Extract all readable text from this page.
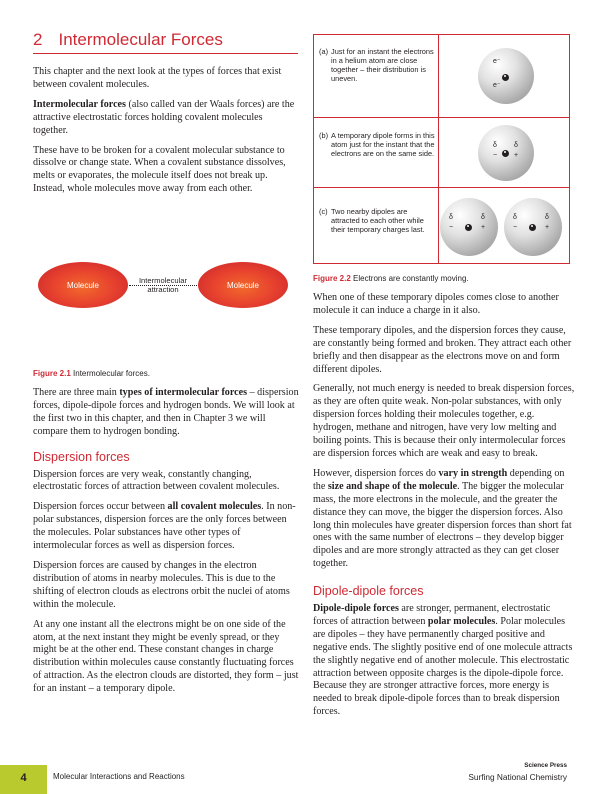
2 Intermolecular Forces

This chapter and the next look at the types of forces that exist between covalent molecules.

Intermolecular forces (also called van der Waals forces) are the attractive electrostatic forces holding covalent molecules together.

These have to be broken for a covalent molecular substance to dissolve or change state. When a covalent substance dissolves, melts or evaporates, the molecule itself does not break up. Instead, whole molecules move away from each other.

Molecule	Intermolecular
attraction	Molecule
Figure 2.1 Intermolecular forces.

There are three main types of intermolecular forces – dispersion forces, dipole-dipole forces and hydrogen bonds. We will look at the first two in this chapter, and then in Chapter 3 we will compare them to hydrogen bonding.

Dispersion forces

Dispersion forces are very weak, constantly changing, electrostatic forces of attraction between covalent molecules.

Dispersion forces occur between all covalent molecules. In non-polar substances, dispersion forces are the only forces between the molecules. Polar substances have other types of intermolecular forces as well as dispersion forces.

Dispersion forces are caused by changes in the electron distribution of atoms in nearby molecules. This is due to the shifting of electron clouds as electrons orbit the nuclei of atoms within the molecule.

At any one instant all the electrons might be on one side of the atom, at the next instant they might be evenly spread, or they might be at the other end. These constant changes in charge distribution within molecules cause constantly fluctuating forces of attraction. As the electron clouds are distorted, they form – just for an instant – a temporary dipole.

(a) Just for an instant the electrons in a helium atom are close together – their distribution is uneven.
e⁻
e⁻
(b) A temporary dipole forms in this atom just for the instant that the electrons are on the same side.
δ
−
δ
+
(c) Two nearby dipoles are attracted to each other while their temporary charges last.
δ
−
δ
+
δ
−
δ
+
Figure 2.2 Electrons are constantly moving.

When one of these temporary dipoles comes close to another molecule it can induce a charge in it also.

These temporary dipoles, and the dispersion forces they cause, are constantly being formed and broken. They attract each other briefly and then disappear as the electrons move on and form different dipoles.

Generally, not much energy is needed to break dispersion forces, as they are often quite weak. Non-polar substances, with only dispersion forces holding their molecules together, e.g. hydrogen, methane and nitrogen, have very low melting and boiling points. This is because their only intermolecular forces are dispersion forces which are weak and easy to break.

However, dispersion forces do vary in strength depending on the size and shape of the molecule. The bigger the molecular mass, the more electrons in the molecule, and the greater the distance they can move, the bigger the dispersion forces. Also long thin molecules have greater dispersion forces than short fat ones with the same number of electrons – they develop bigger dipoles and are more strongly attracted as they can get closer together.

Dipole-dipole forces

Dipole-dipole forces are stronger, permanent, electrostatic forces of attraction between polar molecules. Polar molecules are dipoles – they have permanently charged positive and negative ends. The slightly positive end of one molecule attracts the slightly negative end of another molecule. This electrostatic attraction between opposite charges is the dipole-dipole force. Because they are stronger attractive forces, more energy is needed to break dipole-dipole forces than to break dispersion forces.

4	Molecular Interactions and Reactions
Science Press
Surfing National Chemistry
